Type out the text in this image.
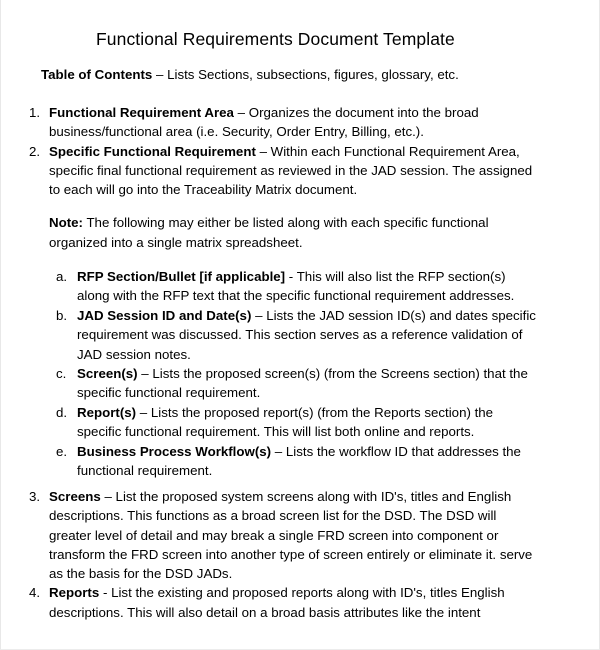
Functional Requirements Document Template
Table of Contents – Lists Sections, subsections, figures, glossary, etc.
1. Functional Requirement Area – Organizes the document into the broad business/functional area (i.e. Security, Order Entry, Billing, etc.).
2. Specific Functional Requirement – Within each Functional Requirement Area, specific final functional requirement as reviewed in the JAD session. The assigned to each will go into the Traceability Matrix document.
Note: The following may either be listed along with each specific functional organized into a single matrix spreadsheet.
a. RFP Section/Bullet [if applicable] - This will also list the RFP section(s) along with the RFP text that the specific functional requirement addresses.
b. JAD Session ID and Date(s) – Lists the JAD session ID(s) and dates specific requirement was discussed. This section serves as a reference validation of JAD session notes.
c. Screen(s) – Lists the proposed screen(s) (from the Screens section) that the specific functional requirement.
d. Report(s) – Lists the proposed report(s) (from the Reports section) the specific functional requirement. This will list both online and reports.
e. Business Process Workflow(s) – Lists the workflow ID that addresses the functional requirement.
3. Screens – List the proposed system screens along with ID's, titles and English descriptions. This functions as a broad screen list for the DSD. The DSD will greater level of detail and may break a single FRD screen into component or transform the FRD screen into another type of screen entirely or eliminate it. serve as the basis for the DSD JADs.
4. Reports - List the existing and proposed reports along with ID's, titles English descriptions. This will also detail on a broad basis attributes like the intent
